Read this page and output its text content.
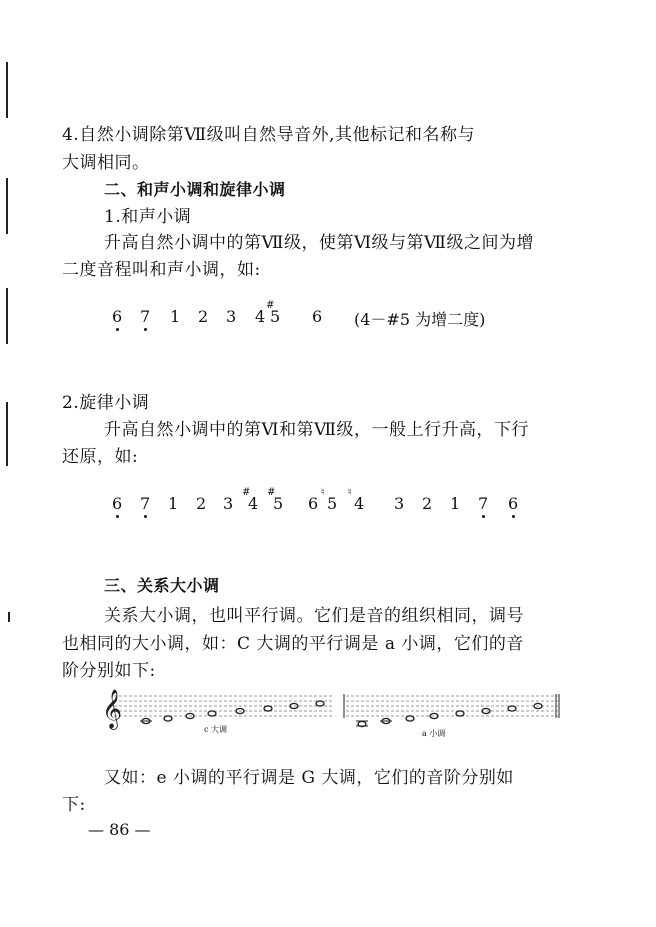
4.自然小调除第Ⅶ级叫自然导音外,其他标记和名称与
大调相同。
二、和声小调和旋律小调
1.和声小调
升高自然小调中的第Ⅶ级，使第Ⅵ级与第Ⅶ级之间为增
二度音程叫和声小调，如:
6 7 1 2 3 4
#
5 6 (4－#5 为增二度)
2.旋律小调
升高自然小调中的第Ⅵ和第Ⅶ级，一般上行升高，下行
还原，如:
6 7 1 2 3
#
4
#
5 6
♮
5
♮
4 3 2 1 7 6
三、关系大小调
关系大小调，也叫平行调。它们是音的组织相同，调号
也相同的大小调，如：C 大调的平行调是 a 小调，它们的音
阶分别如下:
𝄞
c 大调	a 小调
又如：e 小调的平行调是 G 大调，它们的音阶分别如
下:
— 86 —
